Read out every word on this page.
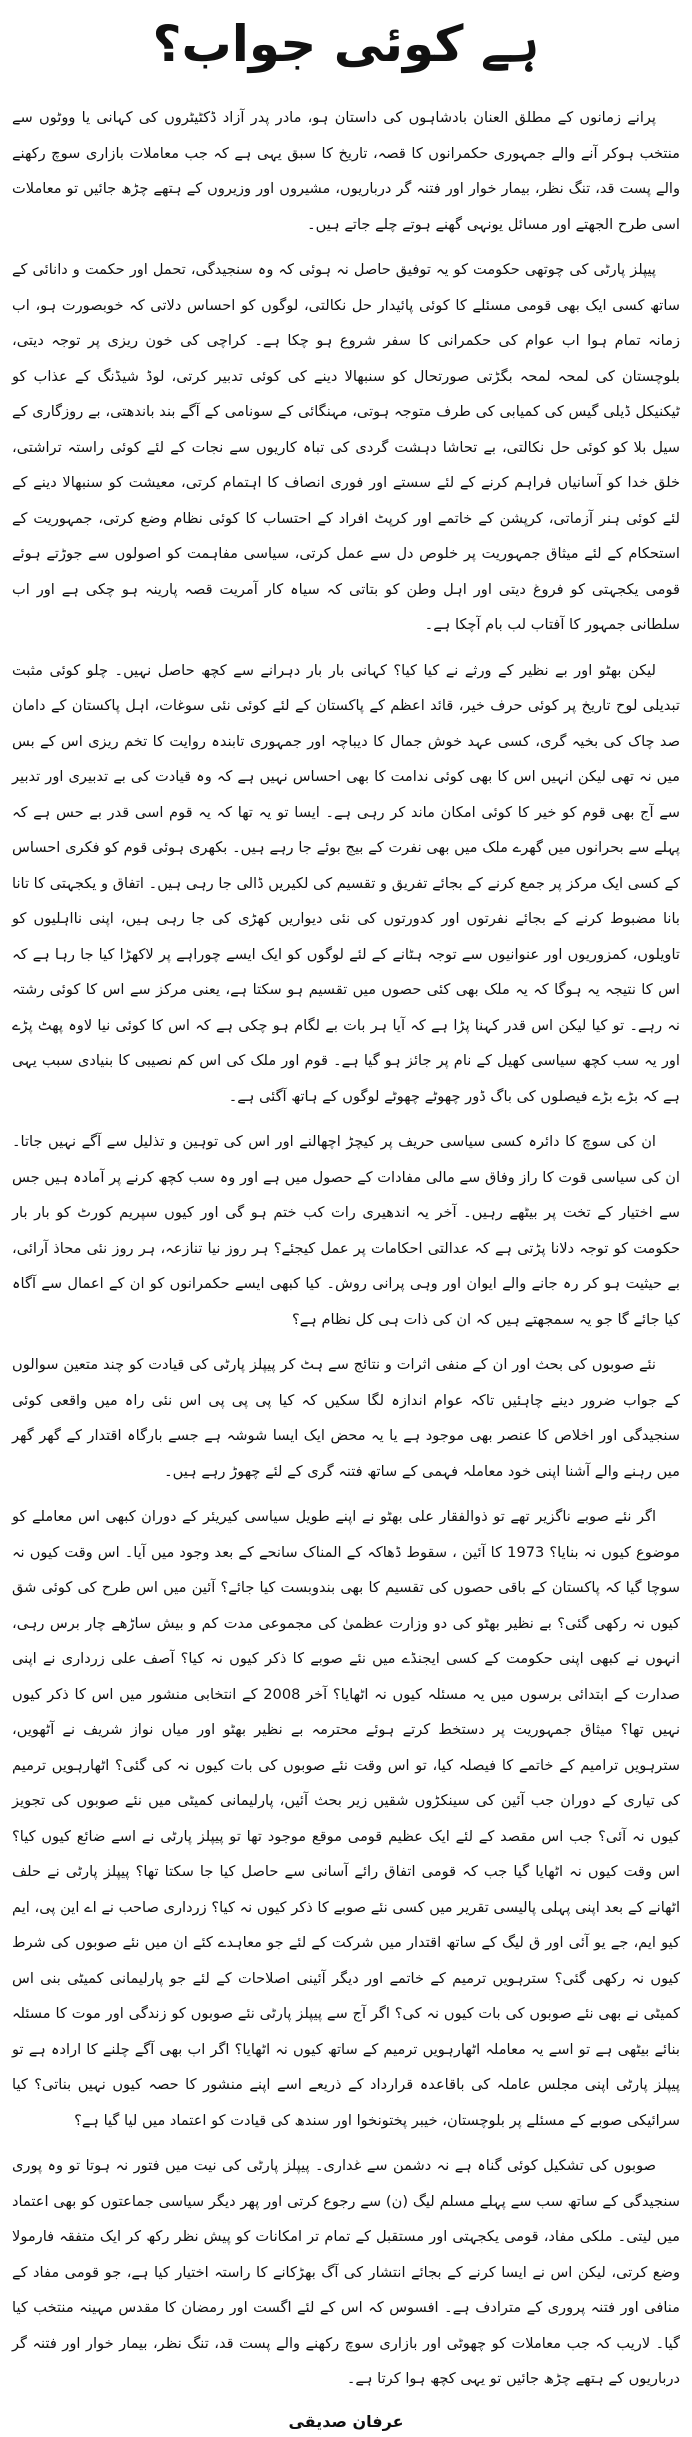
ہے کوئی جواب؟

پرانے زمانوں کے مطلق العنان بادشاہوں کی داستان ہو، مادر پدر آزاد ڈکٹیٹروں کی کہانی یا ووٹوں سے منتخب ہوکر آنے والے جمہوری حکمرانوں کا قصہ، تاریخ کا سبق یہی ہے کہ جب معاملات بازاری سوچ رکھنے والے پست قد، تنگ نظر، بیمار خوار اور فتنہ گر درباریوں، مشیروں اور وزیروں کے ہتھے چڑھ جائیں تو معاملات اسی طرح الجھتے اور مسائل یونہی گھنے ہوتے چلے جاتے ہیں۔

پیپلز پارٹی کی چوتھی حکومت کو یہ توفیق حاصل نہ ہوئی کہ وہ سنجیدگی، تحمل اور حکمت و دانائی کے ساتھ کسی ایک بھی قومی مسئلے کا کوئی پائیدار حل نکالتی، لوگوں کو احساس دلاتی کہ خوبصورت ہو، اب زمانہ تمام ہوا اب عوام کی حکمرانی کا سفر شروع ہو چکا ہے۔ کراچی کی خون ریزی پر توجہ دیتی، بلوچستان کی لمحہ لمحہ بگڑتی صورتحال کو سنبھالا دینے کی کوئی تدبیر کرتی، لوڈ شیڈنگ کے عذاب کو ٹیکنیکل ڈیلی گیس کی کمیابی کی طرف متوجہ ہوتی، مہنگائی کے سونامی کے آگے بند باندھتی، بے روزگاری کے سیل بلا کو کوئی حل نکالتی، بے تحاشا دہشت گردی کی تباہ کاریوں سے نجات کے لئے کوئی راستہ تراشتی، خلق خدا کو آسانیاں فراہم کرنے کے لئے سستے اور فوری انصاف کا اہتمام کرتی، معیشت کو سنبھالا دینے کے لئے کوئی ہنر آزماتی، کرپشن کے خاتمے اور کرپٹ افراد کے احتساب کا کوئی نظام وضع کرتی، جمہوریت کے استحکام کے لئے میثاق جمہوریت پر خلوص دل سے عمل کرتی، سیاسی مفاہمت کو اصولوں سے جوڑتے ہوئے قومی یکجہتی کو فروغ دیتی اور اہل وطن کو بتاتی کہ سیاہ کار آمریت قصہ پارینہ ہو چکی ہے اور اب سلطانی جمہور کا آفتاب لب بام آچکا ہے۔

لیکن بھٹو اور بے نظیر کے ورثے نے کیا کیا؟ کہانی بار بار دہرانے سے کچھ حاصل نہیں۔ چلو کوئی مثبت تبدیلی لوح تاریخ پر کوئی حرف خیر، قائد اعظم کے پاکستان کے لئے کوئی نئی سوغات، اہل پاکستان کے دامان صد چاک کی بخیہ گری، کسی عہد خوش جمال کا دیباچہ اور جمہوری تابندہ روایت کا تخم ریزی اس کے بس میں نہ تھی لیکن انہیں اس کا بھی کوئی ندامت کا بھی احساس نہیں ہے کہ وہ قیادت کی بے تدبیری اور تدبیر سے آج بھی قوم کو خیر کا کوئی امکان ماند کر رہی ہے۔ ایسا تو یہ تھا کہ یہ قوم اسی قدر بے حس ہے کہ پہلے سے بحرانوں میں گھرے ملک میں بھی نفرت کے بیج بوئے جا رہے ہیں۔ بکھری ہوئی قوم کو فکری احساس کے کسی ایک مرکز پر جمع کرنے کے بجائے تفریق و تقسیم کی لکیریں ڈالی جا رہی ہیں۔ اتفاق و یکجہتی کا تانا بانا مضبوط کرنے کے بجائے نفرتوں اور کدورتوں کی نئی دیواریں کھڑی کی جا رہی ہیں، اپنی نااہلیوں کو تاویلوں، کمزوریوں اور عنوانیوں سے توجہ ہٹانے کے لئے لوگوں کو ایک ایسے چوراہے پر لاکھڑا کیا جا رہا ہے کہ اس کا نتیجہ یہ ہوگا کہ یہ ملک بھی کئی حصوں میں تقسیم ہو سکتا ہے، یعنی مرکز سے اس کا کوئی رشتہ نہ رہے۔ تو کیا لیکن اس قدر کہنا پڑا ہے کہ آیا ہر بات بے لگام ہو چکی ہے کہ اس کا کوئی نیا لاوہ پھٹ پڑے اور یہ سب کچھ سیاسی کھیل کے نام پر جائز ہو گیا ہے۔ قوم اور ملک کی اس کم نصیبی کا بنیادی سبب یہی ہے کہ بڑے بڑے فیصلوں کی باگ ڈور چھوٹے چھوٹے لوگوں کے ہاتھ آگئی ہے۔

ان کی سوچ کا دائرہ کسی سیاسی حریف پر کیچڑ اچھالنے اور اس کی توہین و تذلیل سے آگے نہیں جاتا۔ ان کی سیاسی قوت کا راز وفاق سے مالی مفادات کے حصول میں ہے اور وہ سب کچھ کرنے پر آمادہ ہیں جس سے اختیار کے تخت پر بیٹھے رہیں۔ آخر یہ اندھیری رات کب ختم ہو گی اور کیوں سپریم کورٹ کو بار بار حکومت کو توجہ دلانا پڑتی ہے کہ عدالتی احکامات پر عمل کیجئے؟ ہر روز نیا تنازعہ، ہر روز نئی محاذ آرائی، بے حیثیت ہو کر رہ جانے والے ایوان اور وہی پرانی روش۔ کیا کبھی ایسے حکمرانوں کو ان کے اعمال سے آگاہ کیا جائے گا جو یہ سمجھتے ہیں کہ ان کی ذات ہی کل نظام ہے؟

نئے صوبوں کی بحث اور ان کے منفی اثرات و نتائج سے ہٹ کر پیپلز پارٹی کی قیادت کو چند متعین سوالوں کے جواب ضرور دینے چاہئیں تاکہ عوام اندازہ لگا سکیں کہ کیا پی پی پی اس نئی راہ میں واقعی کوئی سنجیدگی اور اخلاص کا عنصر بھی موجود ہے یا یہ محض ایک ایسا شوشہ ہے جسے بارگاہ اقتدار کے گھر گھر میں رہنے والے آشنا اپنی خود معاملہ فہمی کے ساتھ فتنہ گری کے لئے چھوڑ رہے ہیں۔

اگر نئے صوبے ناگزیر تھے تو ذوالفقار علی بھٹو نے اپنے طویل سیاسی کیریئر کے دوران کبھی اس معاملے کو موضوع کیوں نہ بنایا؟ 1973 کا آئین ، سقوط ڈھاکہ کے المناک سانحے کے بعد وجود میں آیا۔ اس وقت کیوں نہ سوچا گیا کہ پاکستان کے باقی حصوں کی تقسیم کا بھی بندوبست کیا جائے؟ آئین میں اس طرح کی کوئی شق کیوں نہ رکھی گئی؟ بے نظیر بھٹو کی دو وزارت عظمیٰ کی مجموعی مدت کم و بیش ساڑھے چار برس رہی، انہوں نے کبھی اپنی حکومت کے کسی ایجنڈے میں نئے صوبے کا ذکر کیوں نہ کیا؟ آصف علی زرداری نے اپنی صدارت کے ابتدائی برسوں میں یہ مسئلہ کیوں نہ اٹھایا؟ آخر 2008 کے انتخابی منشور میں اس کا ذکر کیوں نہیں تھا؟ میثاق جمہوریت پر دستخط کرتے ہوئے محترمہ بے نظیر بھٹو اور میاں نواز شریف نے آٹھویں، سترہویں ترامیم کے خاتمے کا فیصلہ کیا، تو اس وقت نئے صوبوں کی بات کیوں نہ کی گئی؟ اٹھارہویں ترمیم کی تیاری کے دوران جب آئین کی سینکڑوں شقیں زیر بحث آئیں، پارلیمانی کمیٹی میں نئے صوبوں کی تجویز کیوں نہ آئی؟ جب اس مقصد کے لئے ایک عظیم قومی موقع موجود تھا تو پیپلز پارٹی نے اسے ضائع کیوں کیا؟ اس وقت کیوں نہ اٹھایا گیا جب کہ قومی اتفاق رائے آسانی سے حاصل کیا جا سکتا تھا؟ پیپلز پارٹی نے حلف اٹھانے کے بعد اپنی پہلی پالیسی تقریر میں کسی نئے صوبے کا ذکر کیوں نہ کیا؟ زرداری صاحب نے اے این پی، ایم کیو ایم، جے یو آئی اور ق لیگ کے ساتھ اقتدار میں شرکت کے لئے جو معاہدے کئے ان میں نئے صوبوں کی شرط کیوں نہ رکھی گئی؟ سترہویں ترمیم کے خاتمے اور دیگر آئینی اصلاحات کے لئے جو پارلیمانی کمیٹی بنی اس کمیٹی نے بھی نئے صوبوں کی بات کیوں نہ کی؟ اگر آج سے پیپلز پارٹی نئے صوبوں کو زندگی اور موت کا مسئلہ بنائے بیٹھی ہے تو اسے یہ معاملہ اٹھارہویں ترمیم کے ساتھ کیوں نہ اٹھایا؟ اگر اب بھی آگے چلنے کا ارادہ ہے تو پیپلز پارٹی اپنی مجلس عاملہ کی باقاعدہ قرارداد کے ذریعے اسے اپنے منشور کا حصہ کیوں نہیں بناتی؟ کیا سرائیکی صوبے کے مسئلے پر بلوچستان، خیبر پختونخوا اور سندھ کی قیادت کو اعتماد میں لیا گیا ہے؟

صوبوں کی تشکیل کوئی گناہ ہے نہ دشمن سے غداری۔ پیپلز پارٹی کی نیت میں فتور نہ ہوتا تو وہ پوری سنجیدگی کے ساتھ سب سے پہلے مسلم لیگ (ن) سے رجوع کرتی اور پھر دیگر سیاسی جماعتوں کو بھی اعتماد میں لیتی۔ ملکی مفاد، قومی یکجہتی اور مستقبل کے تمام تر امکانات کو پیش نظر رکھ کر ایک متفقہ فارمولا وضع کرتی، لیکن اس نے ایسا کرنے کے بجائے انتشار کی آگ بھڑکانے کا راستہ اختیار کیا ہے، جو قومی مفاد کے منافی اور فتنہ پروری کے مترادف ہے۔ افسوس کہ اس کے لئے اگست اور رمضان کا مقدس مہینہ منتخب کیا گیا۔ لاریب کہ جب معاملات کو چھوٹی اور بازاری سوچ رکھنے والے پست قد، تنگ نظر، بیمار خوار اور فتنہ گر درباریوں کے ہتھے چڑھ جائیں تو یہی کچھ ہوا کرتا ہے۔

عرفان صدیقی
